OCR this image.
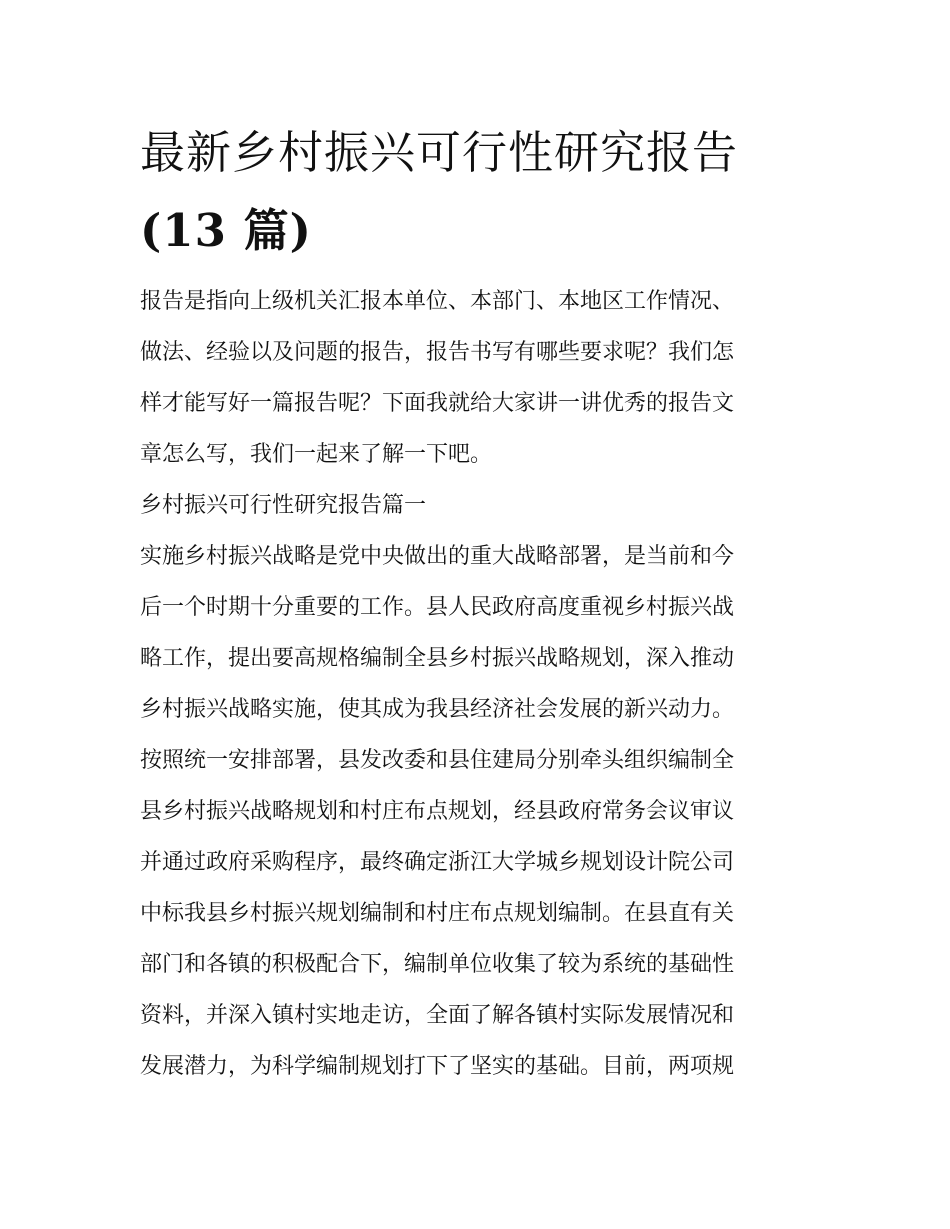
最新乡村振兴可行性研究报告
(13 篇)
报告是指向上级机关汇报本单位、本部门、本地区工作情况、
做法、经验以及问题的报告，报告书写有哪些要求呢？我们怎
样才能写好一篇报告呢？下面我就给大家讲一讲优秀的报告文
章怎么写，我们一起来了解一下吧。
乡村振兴可行性研究报告篇一
实施乡村振兴战略是党中央做出的重大战略部署，是当前和今
后一个时期十分重要的工作。县人民政府高度重视乡村振兴战
略工作，提出要高规格编制全县乡村振兴战略规划，深入推动
乡村振兴战略实施，使其成为我县经济社会发展的新兴动力。
按照统一安排部署，县发改委和县住建局分别牵头组织编制全
县乡村振兴战略规划和村庄布点规划，经县政府常务会议审议
并通过政府采购程序，最终确定浙江大学城乡规划设计院公司
中标我县乡村振兴规划编制和村庄布点规划编制。在县直有关
部门和各镇的积极配合下，编制单位收集了较为系统的基础性
资料，并深入镇村实地走访，全面了解各镇村实际发展情况和
发展潜力，为科学编制规划打下了坚实的基础。目前，两项规
